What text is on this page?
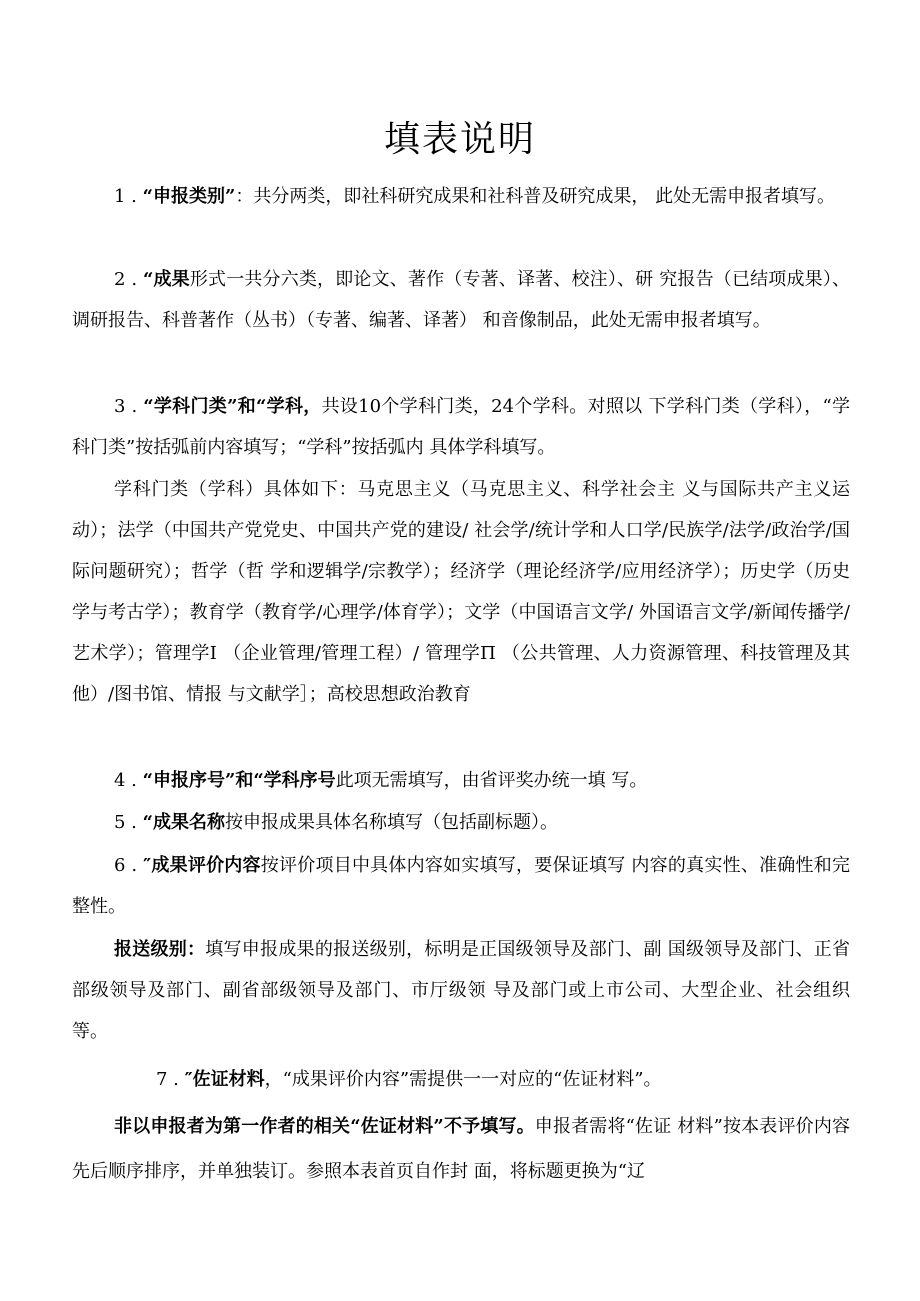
填表说明

1 . “申报类别”：共分两类，即社科研究成果和社科普及研究成果， 此处无需申报者填写。

2 . “成果形式一共分六类，即论文、著作（专著、译著、校注）、研 究报告（已结项成果）、调研报告、科普著作（丛书）（专著、编著、译著） 和音像制品，此处无需申报者填写。

3 . “学科门类”和“学科，共设10个学科门类，24个学科。对照以 下学科门类（学科），“学科门类”按括弧前内容填写；“学科”按括弧内 具体学科填写。

学科门类（学科）具体如下：马克思主义（马克思主义、科学社会主 义与国际共产主义运动）；法学（中国共产党党史、中国共产党的建设/ 社会学/统计学和人口学/民族学/法学/政治学/国际问题研究）；哲学（哲 学和逻辑学/宗教学）；经济学（理论经济学/应用经济学）；历史学（历史 学与考古学）；教育学（教育学/心理学/体育学）；文学（中国语言文学/ 外国语言文学/新闻传播学/艺术学）；管理学Ⅰ （企业管理/管理工程）/ 管理学Π （公共管理、人力资源管理、科技管理及其他）/图书馆、情报 与文献学］；高校思想政治教育

4 . “申报序号”和“学科序号此项无需填写，由省评奖办统一填 写。

5 . “成果名称按申报成果具体名称填写（包括副标题）。

6 . ″成果评价内容按评价项目中具体内容如实填写，要保证填写 内容的真实性、准确性和完整性。

报送级别：填写申报成果的报送级别，标明是正国级领导及部门、副 国级领导及部门、正省部级领导及部门、副省部级领导及部门、市厅级领 导及部门或上市公司、大型企业、社会组织等。

7 . ″佐证材料，“成果评价内容”需提供一一对应的“佐证材料”。

非以申报者为第一作者的相关“佐证材料”不予填写。申报者需将“佐证 材料”按本表评价内容先后顺序排序，并单独装订。参照本表首页自作封 面，将标题更换为“辽
